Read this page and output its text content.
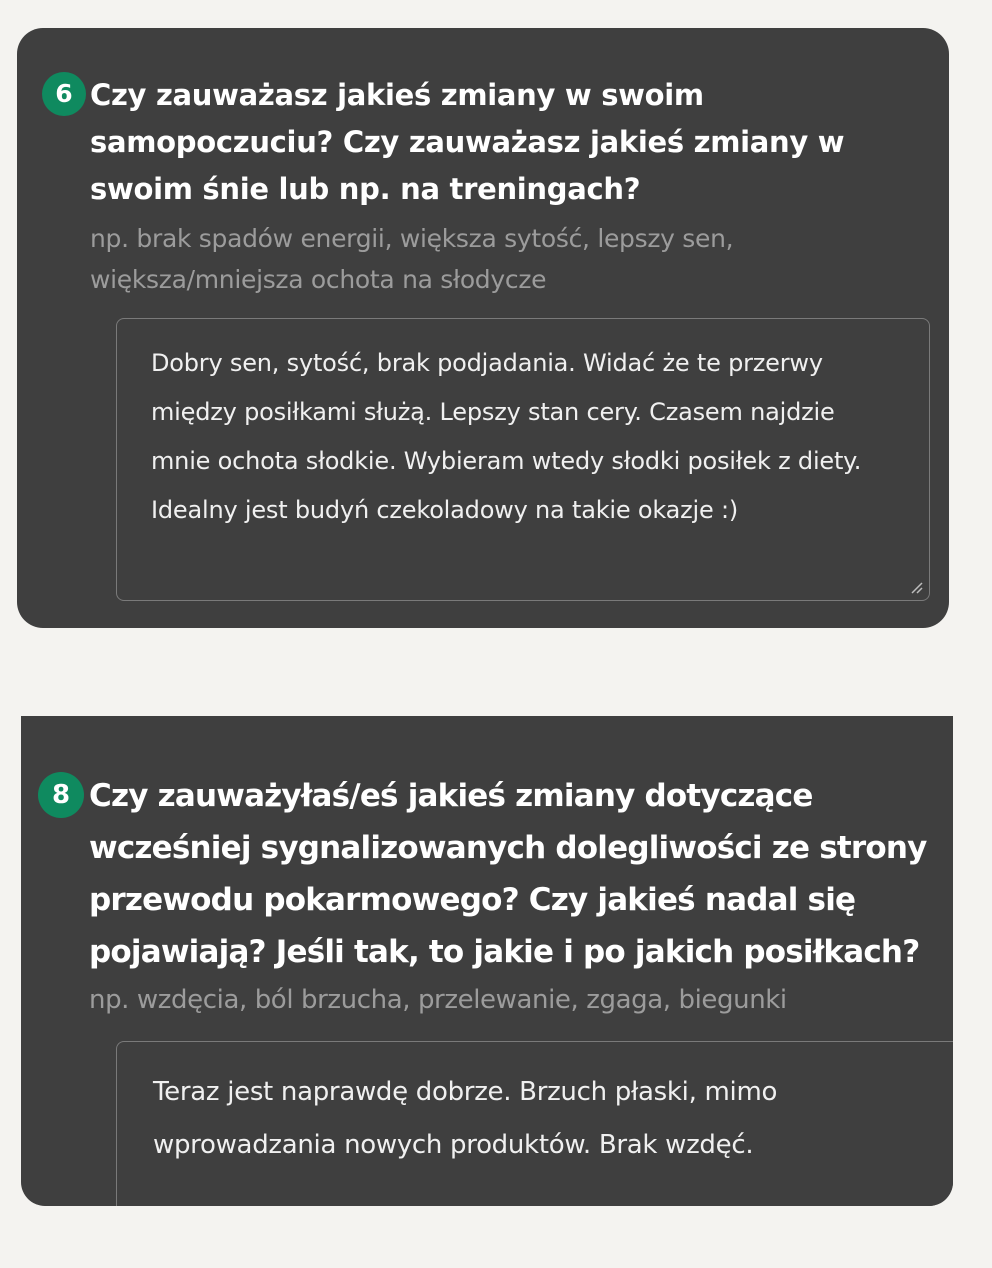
6 Czy zauważasz jakieś zmiany w swoim samopoczuciu? Czy zauważasz jakieś zmiany w swoim śnie lub np. na treningach?

np. brak spadów energii, większa sytość, lepszy sen, większa/mniejsza ochota na słodycze

Dobry sen, sytość, brak podjadania. Widać że te przerwy między posiłkami służą. Lepszy stan cery. Czasem najdzie mnie ochota słodkie. Wybieram wtedy słodki posiłek z diety. Idealny jest budyń czekoladowy na takie okazje :)

8 Czy zauważyłaś/eś jakieś zmiany dotyczące wcześniej sygnalizowanych dolegliwości ze strony przewodu pokarmowego? Czy jakieś nadal się pojawiają? Jeśli tak, to jakie i po jakich posiłkach?

np. wzdęcia, ból brzucha, przelewanie, zgaga, biegunki

Teraz jest naprawdę dobrze. Brzuch płaski, mimo wprowadzania nowych produktów. Brak wzdęć.
